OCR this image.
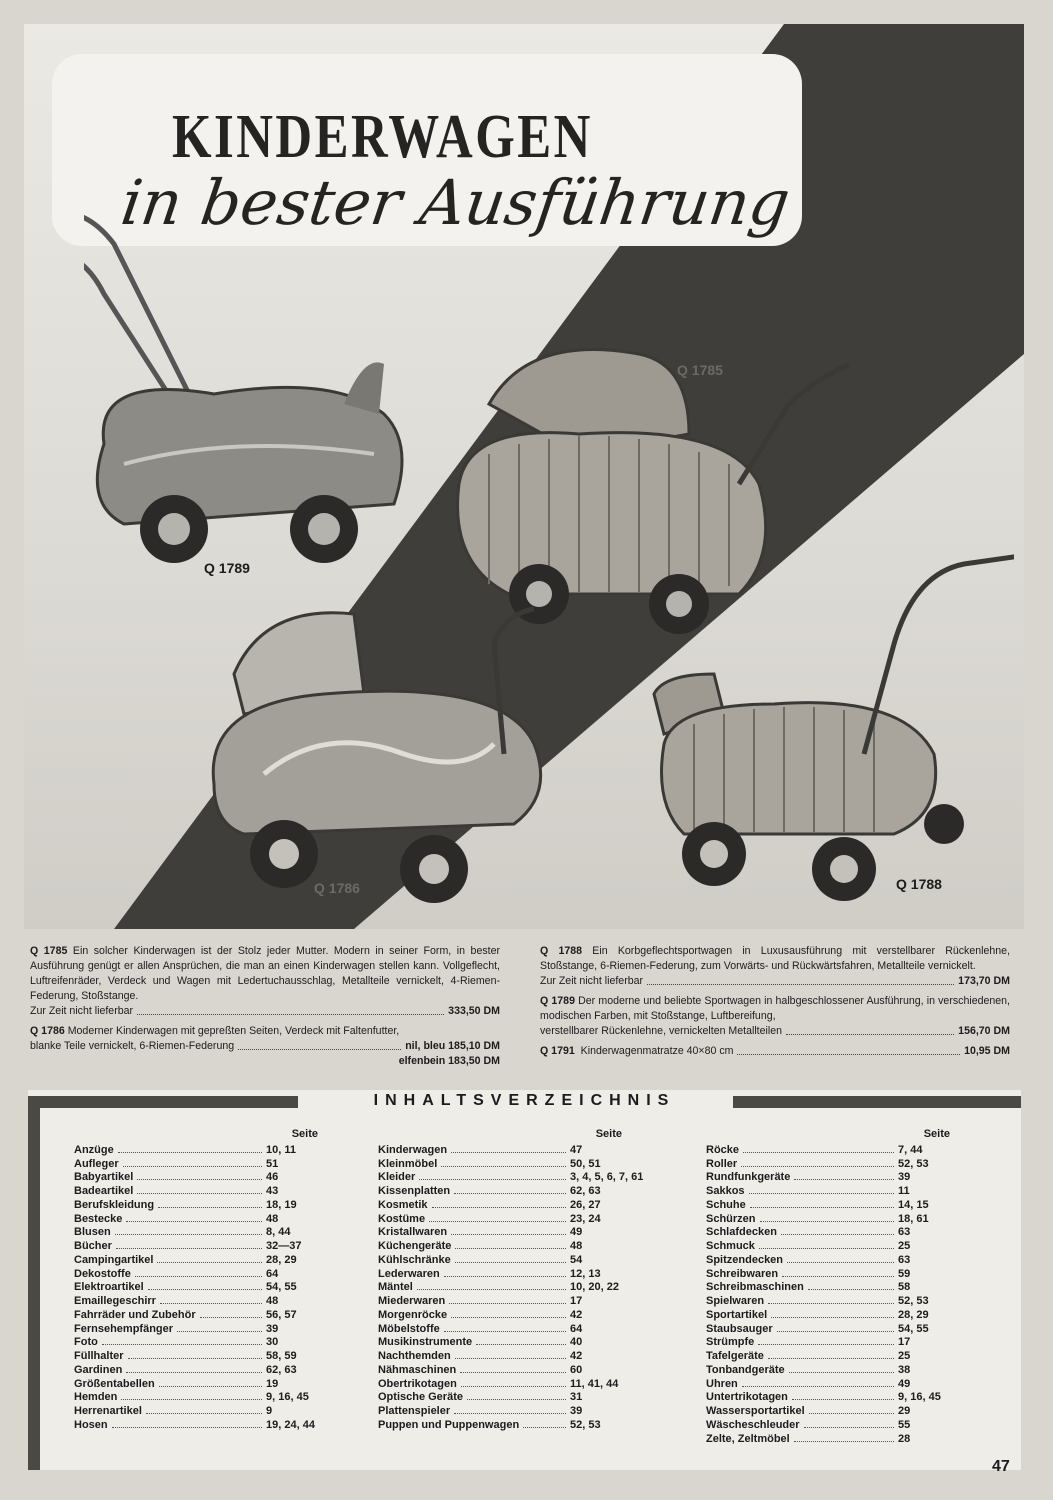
KINDERWAGEN
in bester Ausführung
Q 1789
Q 1785
Q 1786	Q 1788
Q 1785 Ein solcher Kinderwagen ist der Stolz jeder Mutter. Modern in seiner Form, in bester Ausführung genügt er allen Ansprüchen, die man an einen Kinderwagen stellen kann. Vollgeflecht, Luftreifenräder, Verdeck und Wagen mit Ledertuchausschlag, Metallteile vernickelt, 4-Riemen-Federung, Stoßstange.
Zur Zeit nicht lieferbar	333,50 DM
Q 1786 Moderner Kinderwagen mit gepreßten Seiten, Verdeck mit Faltenfutter,
blanke Teile vernickelt, 6-Riemen-Federung	nil, bleu 185,10 DM
elfenbein 183,50 DM
Q 1788 Ein Korbgeflechtsportwagen in Luxusausführung mit verstellbarer Rückenlehne, Stoßstange, 6-Riemen-Federung, zum Vorwärts- und Rückwärtsfahren, Metallteile vernickelt.
Zur Zeit nicht lieferbar	173,70 DM
Q 1789 Der moderne und beliebte Sportwagen in halbgeschlossener Ausführung, in verschiedenen, modischen Farben, mit Stoßstange, Luftbereifung,
verstellbarer Rückenlehne, vernickelten Metallteilen	156,70 DM
Q 1791 Kinderwagenmatratze 40×80 cm	10,95 DM
INHALTSVERZEICHNIS
Seite
Anzüge	10, 11
Aufleger	51
Babyartikel	46
Badeartikel	43
Berufskleidung	18, 19
Bestecke	48
Blusen	8, 44
Bücher	32—37
Campingartikel	28, 29
Dekostoffe	64
Elektroartikel	54, 55
Emaillegeschirr	48
Fahrräder und Zubehör	56, 57
Fernsehempfänger	39
Foto	30
Füllhalter	58, 59
Gardinen	62, 63
Größentabellen	19
Hemden	9, 16, 45
Herrenartikel	9
Hosen	19, 24, 44
Seite
Kinderwagen	47
Kleinmöbel	50, 51
Kleider	3, 4, 5, 6, 7, 61
Kissenplatten	62, 63
Kosmetik	26, 27
Kostüme	23, 24
Kristallwaren	49
Küchengeräte	48
Kühlschränke	54
Lederwaren	12, 13
Mäntel	10, 20, 22
Miederwaren	17
Morgenröcke	42
Möbelstoffe	64
Musikinstrumente	40
Nachthemden	42
Nähmaschinen	60
Obertrikotagen	11, 41, 44
Optische Geräte	31
Plattenspieler	39
Puppen und Puppenwagen	52, 53
Seite
Röcke	7, 44
Roller	52, 53
Rundfunkgeräte	39
Sakkos	11
Schuhe	14, 15
Schürzen	18, 61
Schlafdecken	63
Schmuck	25
Spitzendecken	63
Schreibwaren	59
Schreibmaschinen	58
Spielwaren	52, 53
Sportartikel	28, 29
Staubsauger	54, 55
Strümpfe	17
Tafelgeräte	25
Tonbandgeräte	38
Uhren	49
Untertrikotagen	9, 16, 45
Wassersportartikel	29
Wäscheschleuder	55
Zelte, Zeltmöbel	28
47
